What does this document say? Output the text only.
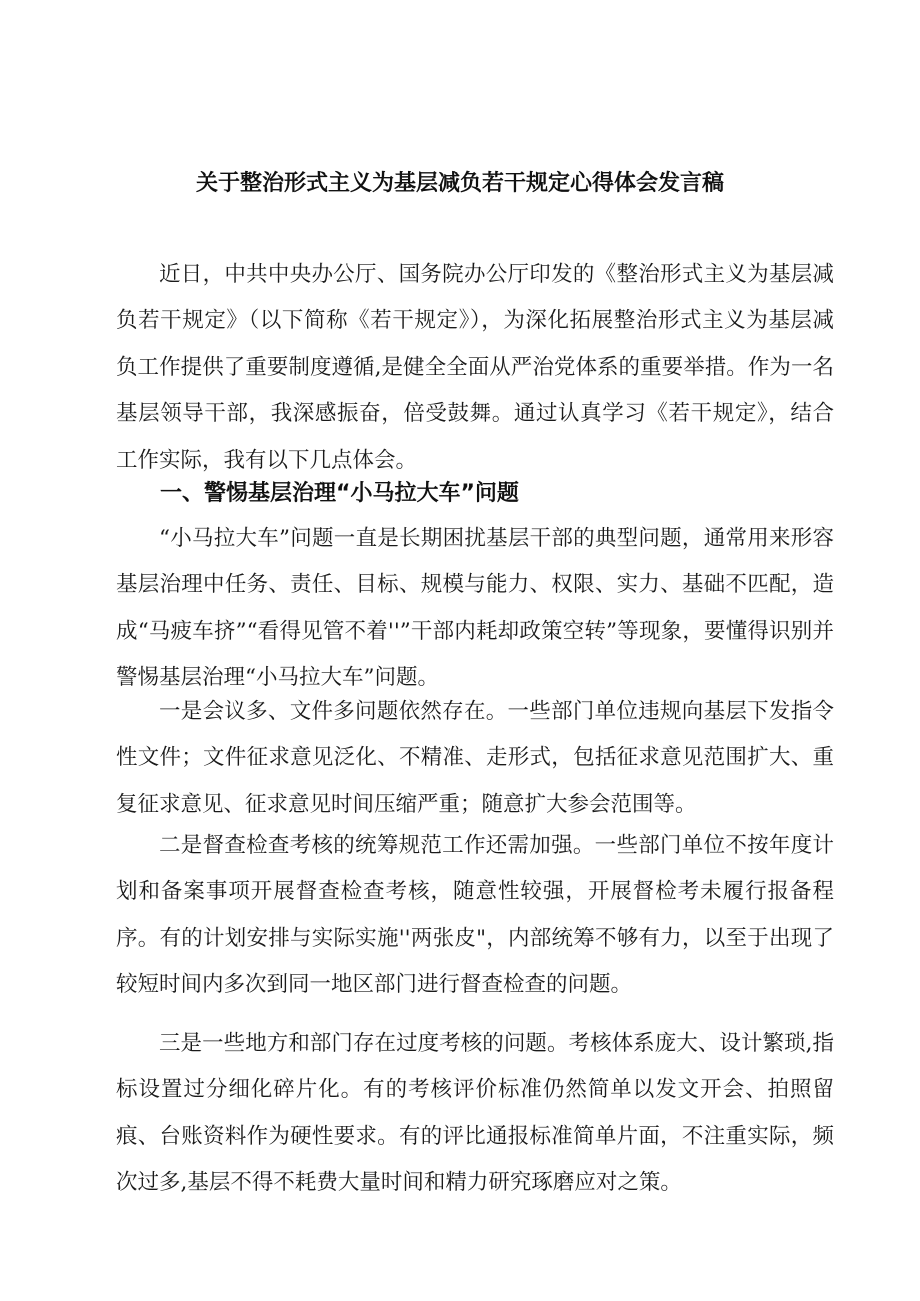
关于整治形式主义为基层减负若干规定心得体会发言稿

近日，中共中央办公厅、国务院办公厅印发的《整治形式主义为基层减负若干规定》（以下简称《若干规定》），为深化拓展整治形式主义为基层减负工作提供了重要制度遵循,是健全全面从严治党体系的重要举措。作为一名基层领导干部，我深感振奋，倍受鼓舞。通过认真学习《若干规定》，结合工作实际，我有以下几点体会。

一、警惕基层治理“小马拉大车”问题

“小马拉大车”问题一直是长期困扰基层干部的典型问题，通常用来形容基层治理中任务、责任、目标、规模与能力、权限、实力、基础不匹配，造成“马疲车挤”“看得见管不着''”干部内耗却政策空转”等现象，要懂得识别并警惕基层治理“小马拉大车”问题。

一是会议多、文件多问题依然存在。一些部门单位违规向基层下发指令性文件；文件征求意见泛化、不精准、走形式，包括征求意见范围扩大、重复征求意见、征求意见时间压缩严重；随意扩大参会范围等。

二是督查检查考核的统筹规范工作还需加强。一些部门单位不按年度计划和备案事项开展督查检查考核，随意性较强，开展督检考未履行报备程序。有的计划安排与实际实施''两张皮"，内部统筹不够有力，以至于出现了较短时间内多次到同一地区部门进行督查检查的问题。

三是一些地方和部门存在过度考核的问题。考核体系庞大、设计繁琐,指标设置过分细化碎片化。有的考核评价标准仍然简单以发文开会、拍照留痕、台账资料作为硬性要求。有的评比通报标准简单片面，不注重实际，频次过多,基层不得不耗费大量时间和精力研究琢磨应对之策。
